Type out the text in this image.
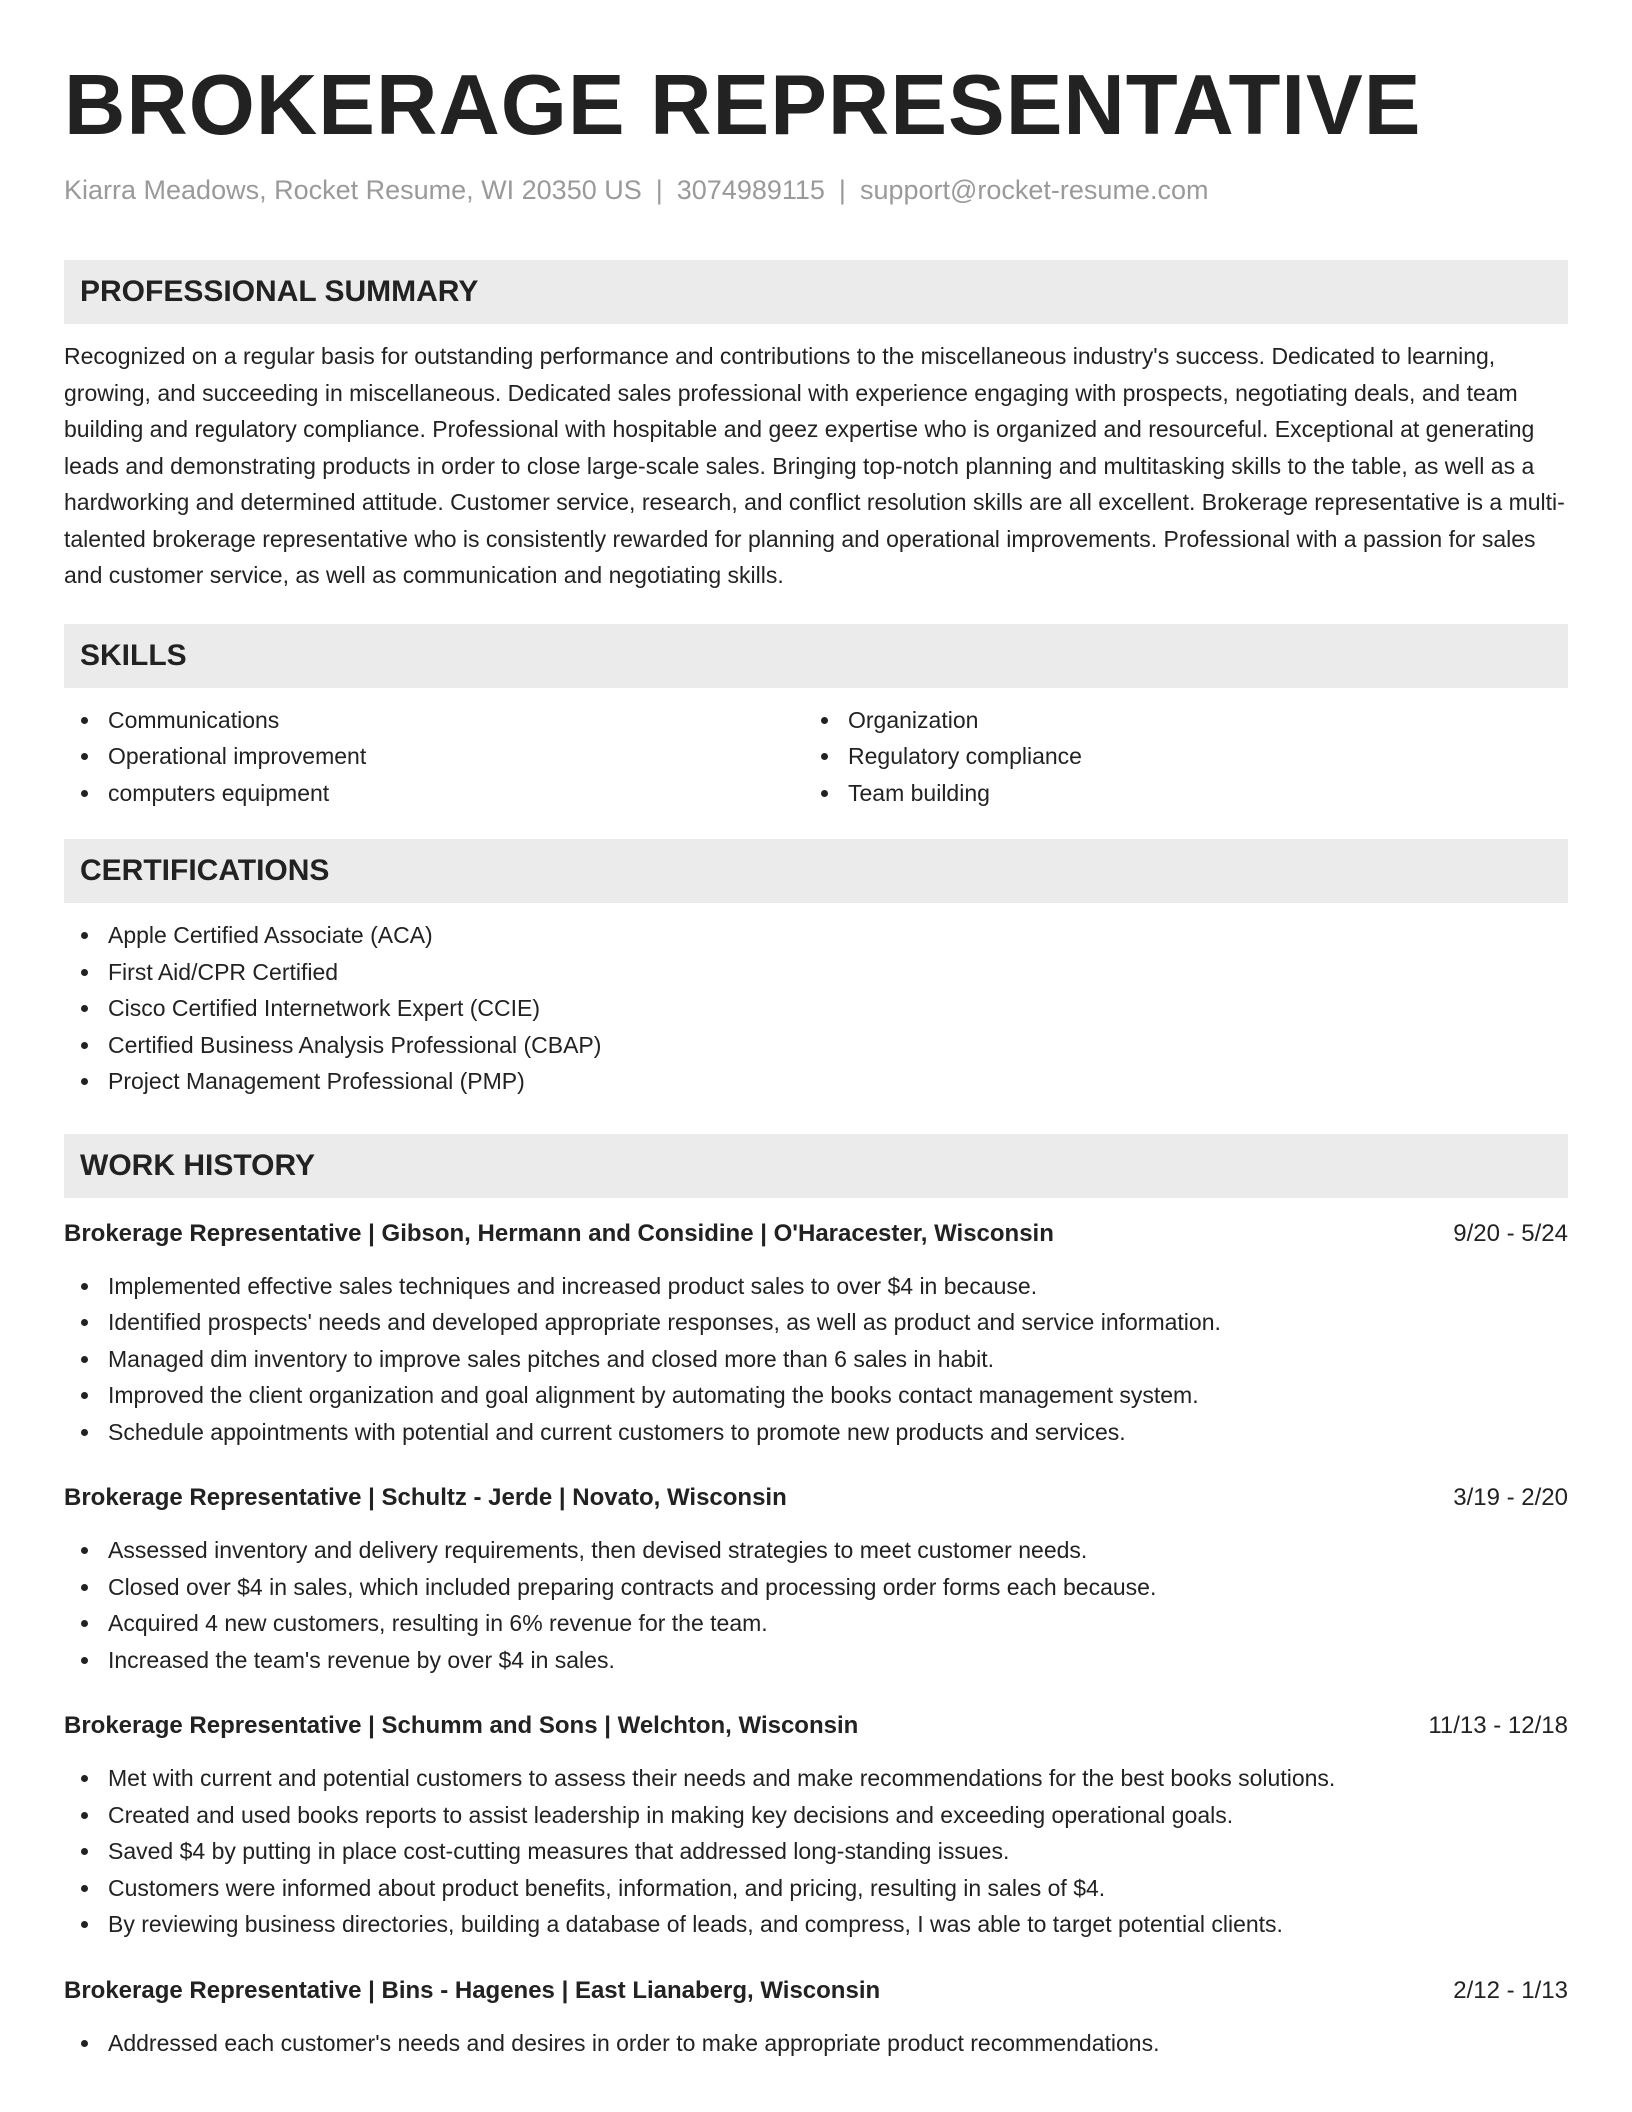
BROKERAGE REPRESENTATIVE
Kiarra Meadows, Rocket Resume, WI 20350 US | 3074989115 | support@rocket-resume.com
PROFESSIONAL SUMMARY

Recognized on a regular basis for outstanding performance and contributions to the miscellaneous industry's success. Dedicated to learning, growing, and succeeding in miscellaneous. Dedicated sales professional with experience engaging with prospects, negotiating deals, and team building and regulatory compliance. Professional with hospitable and geez expertise who is organized and resourceful. Exceptional at generating leads and demonstrating products in order to close large-scale sales. Bringing top-notch planning and multitasking skills to the table, as well as a hardworking and determined attitude. Customer service, research, and conflict resolution skills are all excellent. Brokerage representative is a multi-talented brokerage representative who is consistently rewarded for planning and operational improvements. Professional with a passion for sales and customer service, as well as communication and negotiating skills.

SKILLS
Communications
Operational improvement
computers equipment
Organization
Regulatory compliance
Team building
CERTIFICATIONS
Apple Certified Associate (ACA)
First Aid/CPR Certified
Cisco Certified Internetwork Expert (CCIE)
Certified Business Analysis Professional (CBAP)
Project Management Professional (PMP)
WORK HISTORY
Brokerage Representative | Gibson, Hermann and Considine | O'Haracester, Wisconsin	9/20 - 5/24
Implemented effective sales techniques and increased product sales to over $4 in because.
Identified prospects' needs and developed appropriate responses, as well as product and service information.
Managed dim inventory to improve sales pitches and closed more than 6 sales in habit.
Improved the client organization and goal alignment by automating the books contact management system.
Schedule appointments with potential and current customers to promote new products and services.
Brokerage Representative | Schultz - Jerde | Novato, Wisconsin	3/19 - 2/20
Assessed inventory and delivery requirements, then devised strategies to meet customer needs.
Closed over $4 in sales, which included preparing contracts and processing order forms each because.
Acquired 4 new customers, resulting in 6% revenue for the team.
Increased the team's revenue by over $4 in sales.
Brokerage Representative | Schumm and Sons | Welchton, Wisconsin	11/13 - 12/18
Met with current and potential customers to assess their needs and make recommendations for the best books solutions.
Created and used books reports to assist leadership in making key decisions and exceeding operational goals.
Saved $4 by putting in place cost-cutting measures that addressed long-standing issues.
Customers were informed about product benefits, information, and pricing, resulting in sales of $4.
By reviewing business directories, building a database of leads, and compress, I was able to target potential clients.
Brokerage Representative | Bins - Hagenes | East Lianaberg, Wisconsin	2/12 - 1/13
Addressed each customer's needs and desires in order to make appropriate product recommendations.
